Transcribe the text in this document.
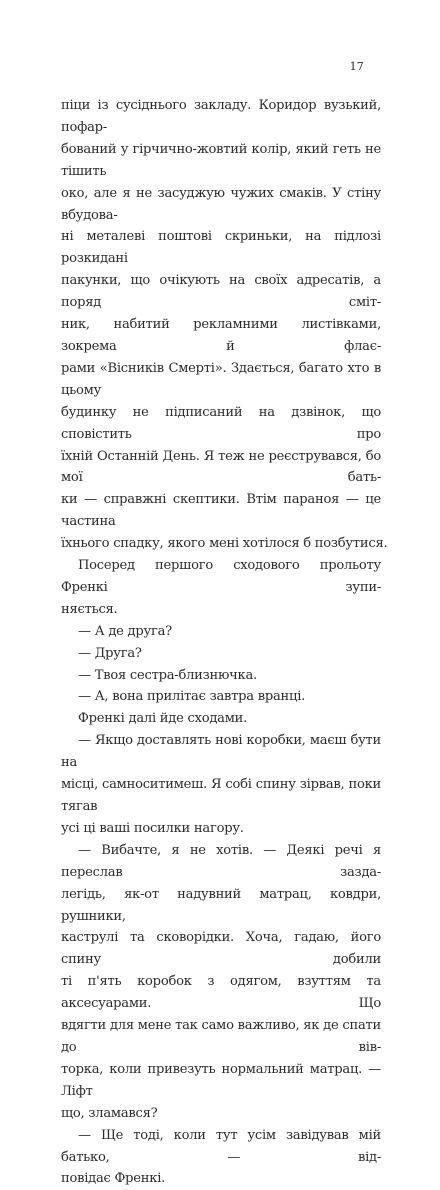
17
піци із сусіднього закладу. Коридор вузький, пофар-
бований у гірчично-жовтий колір, який геть не тішить
око, але я не засуджую чужих смаків. У стіну вбудова-
ні металеві поштові скриньки, на підлозі розкидані
пакунки, що очікують на своїх адресатів, а поряд сміт-
ник, набитий рекламними листівками, зокрема й флає-
рами «Вісників Смерті». Здається, багато хто в цьому
будинку не підписаний на дзвінок, що сповістить про
їхній Останній День. Я теж не реєструвався, бо мої бать-
ки — справжні скептики. Втім параноя — це частина
їхнього спадку, якого мені хотілося б позбутися.
Посеред першого сходового прольоту Френкі зупи-
няється.
— А де друга?
— Друга?
— Твоя сестра-близнючка.
— А, вона прилітає завтра вранці.
Френкі далі йде сходами.
— Якщо доставлять нові коробки, маєш бути на
місці, самноситимеш. Я собі спину зірвав, поки тягав
усі ці ваші посилки нагору.
— Вибачте, я не хотів. — Деякі речі я переслав зазда-
легідь, як-от надувний матрац, ковдри, рушники,
каструлі та сковорідки. Хоча, гадаю, його спину добили
ті п'ять коробок з одягом, взуттям та аксесуарами. Що
вдягти для мене так само важливо, як де спати до вів-
торка, коли привезуть нормальний матрац. — Ліфт
що, зламався?
— Ще тоді, коли тут усім завідував мій батько, — від-
повідає Френкі.
